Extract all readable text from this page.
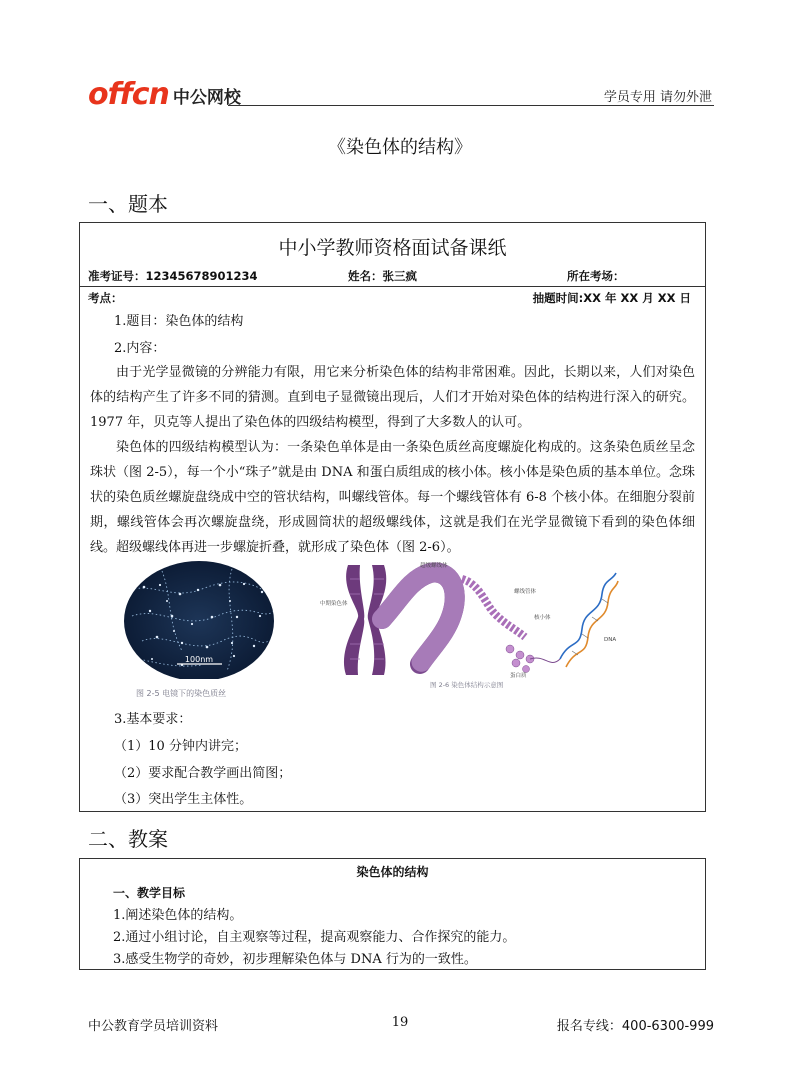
offcn 中公网校	学员专用 请勿外泄
《染色体的结构》
一、题本
中小学教师资格面试备课纸
准考证号：12345678901234	姓名：张三疯	所在考场：
考点：	抽题时间:XX 年 XX 月 XX 日
1.题目：染色体的结构
2.内容：
由于光学显微镜的分辨能力有限，用它来分析染色体的结构非常困难。因此，长期以来，人们对染色体的结构产生了许多不同的猜测。直到电子显微镜出现后，人们才开始对染色体的结构进行深入的研究。1977 年，贝克等人提出了染色体的四级结构模型，得到了大多数人的认可。
染色体的四级结构模型认为：一条染色单体是由一条染色质丝高度螺旋化构成的。这条染色质丝呈念珠状（图 2-5），每一个小“珠子”就是由 DNA 和蛋白质组成的核小体。核小体是染色质的基本单位。念珠状的染色质丝螺旋盘绕成中空的管状结构，叫螺线管体。每一个螺线管体有 6-8 个核小体。在细胞分裂前期，螺线管体会再次螺旋盘绕，形成圆筒状的超级螺线体，这就是我们在光学显微镜下看到的染色体细线。超级螺线体再进一步螺旋折叠，就形成了染色体（图 2-6）。
100nm
图 2-5 电镜下的染色质丝
超级螺线体
中期染色体
螺线管体
核小体
DNA
蛋白质
图 2-6 染色体结构示意图
3.基本要求：
（1）10 分钟内讲完；
（2）要求配合教学画出简图；
（3）突出学生主体性。
二、教案
染色体的结构
一、教学目标
1.阐述染色体的结构。
2.通过小组讨论，自主观察等过程，提高观察能力、合作探究的能力。
3.感受生物学的奇妙，初步理解染色体与 DNA 行为的一致性。
中公教育学员培训资料	19	报名专线：400-6300-999
